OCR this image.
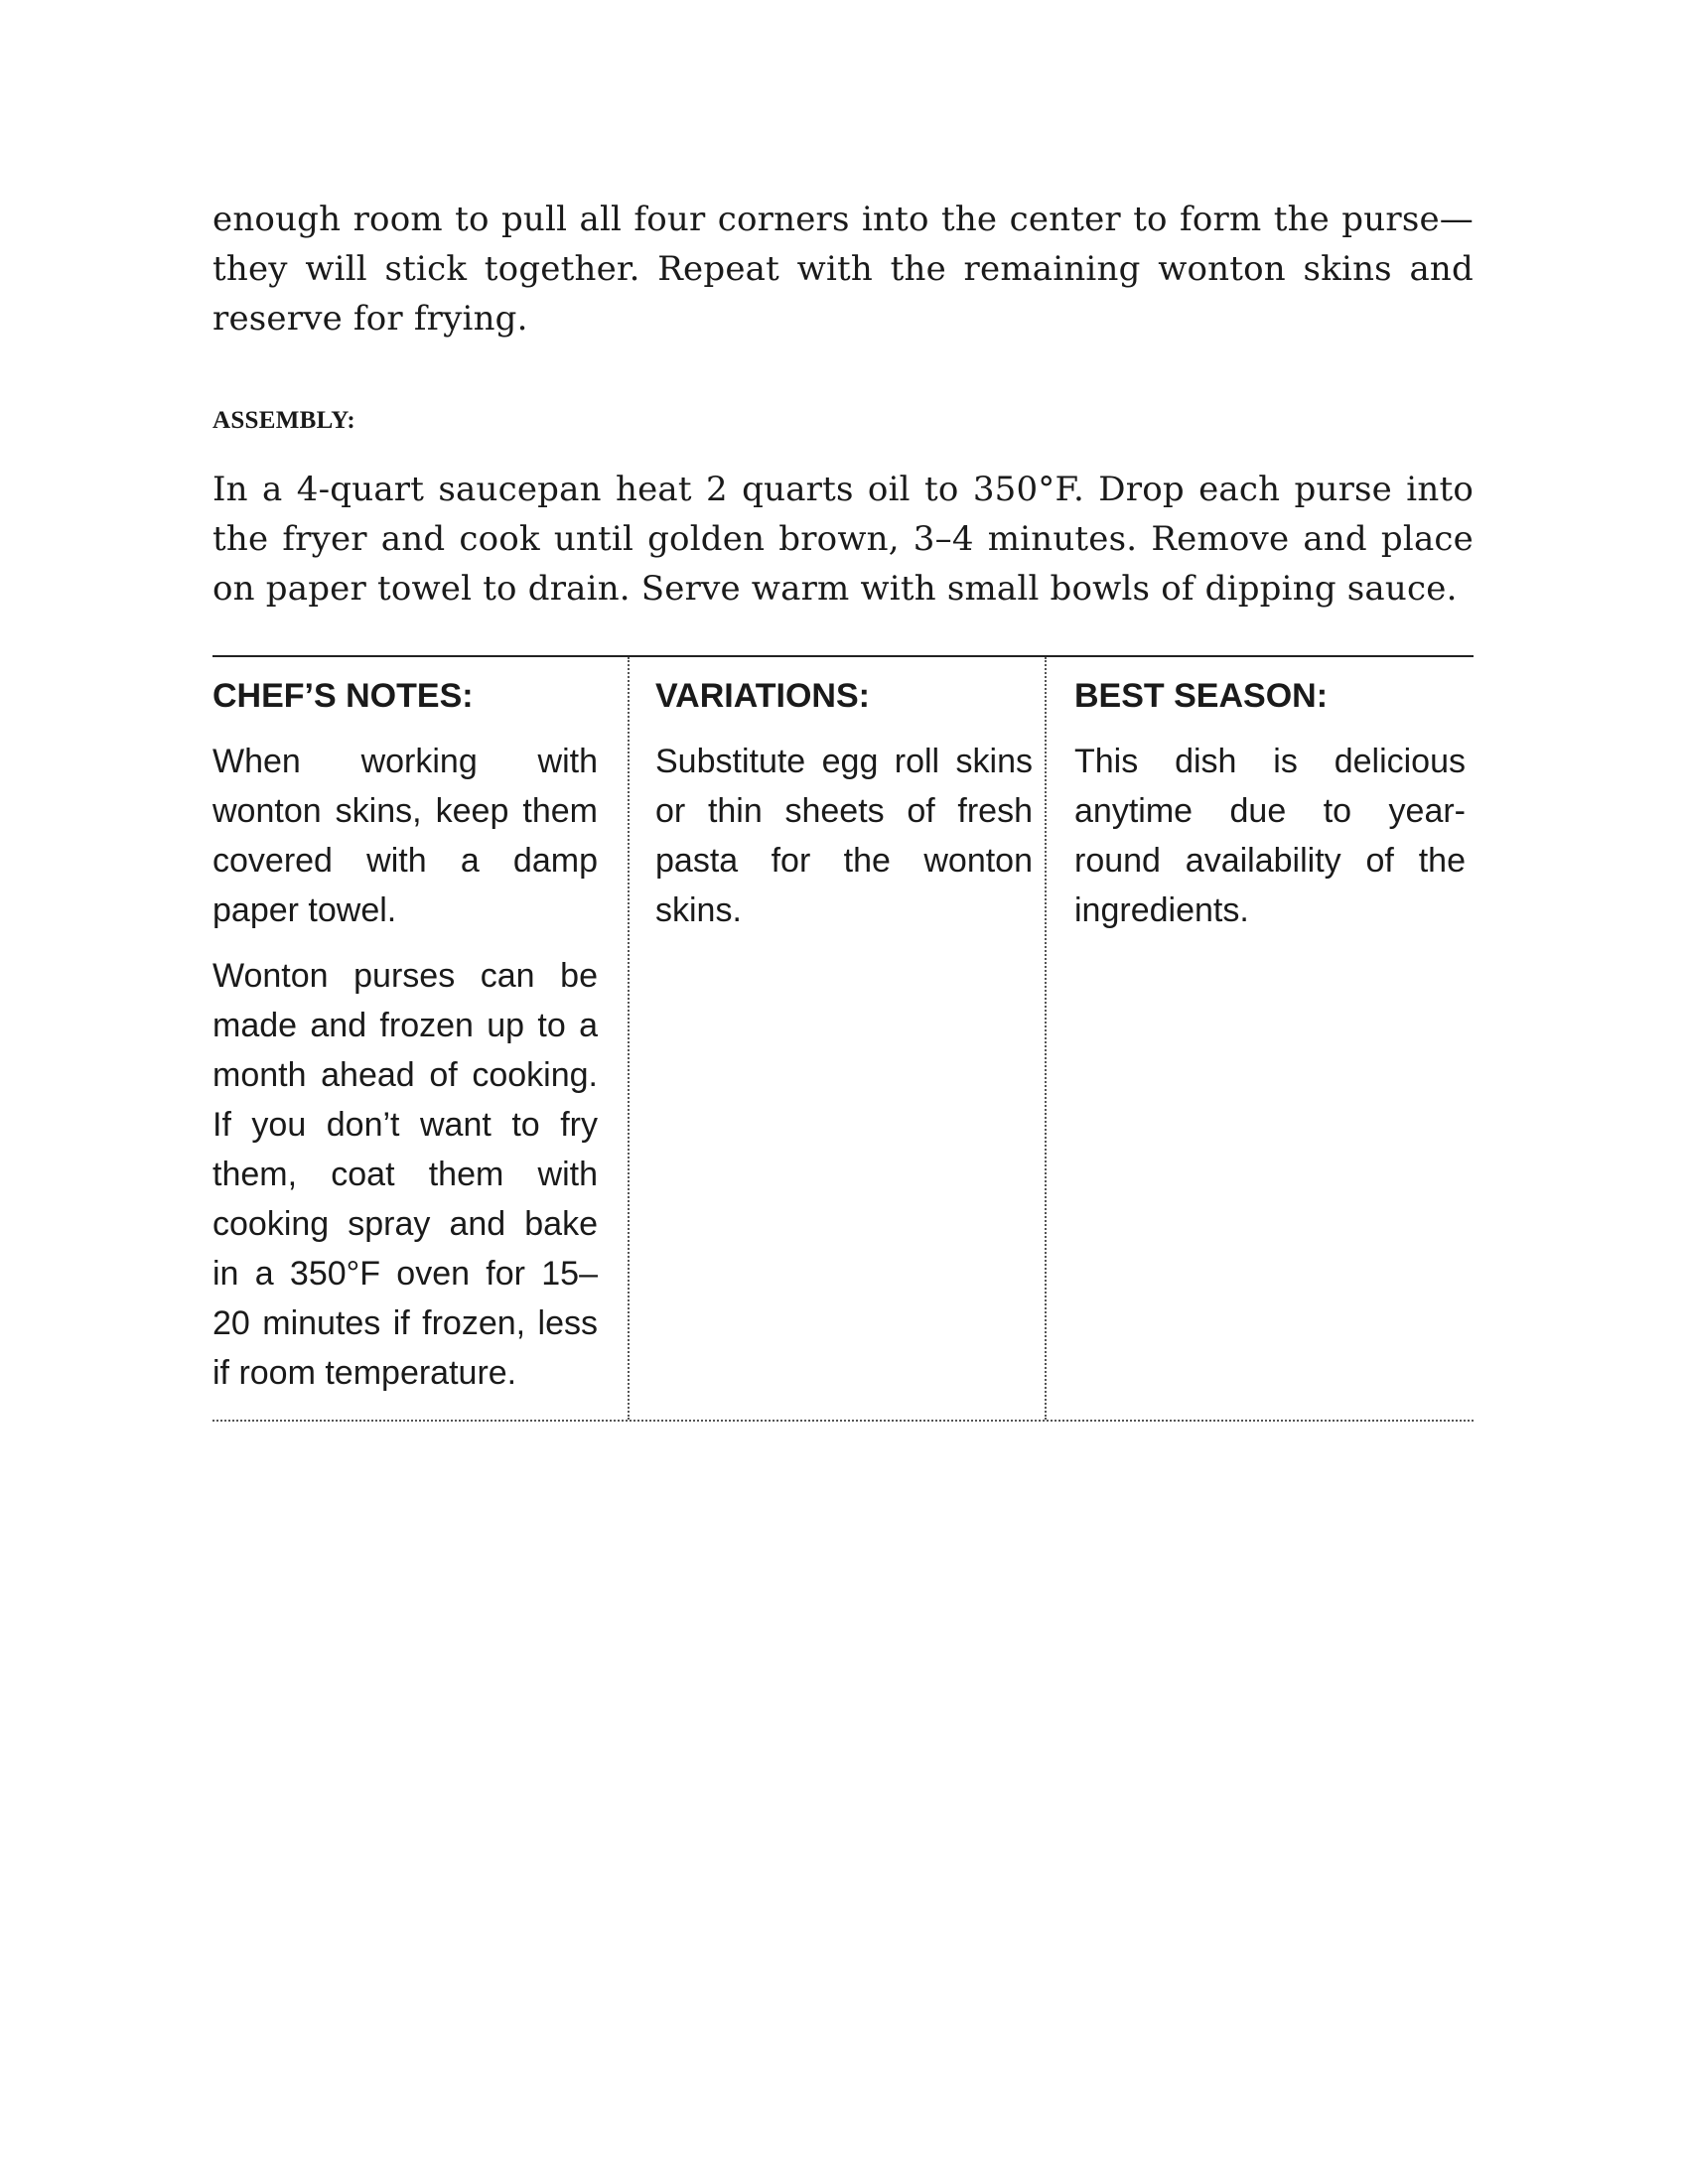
enough room to pull all four corners into the center to form the purse—they will stick together. Repeat with the remaining wonton skins and reserve for frying.

ASSEMBLY:

In a 4-quart saucepan heat 2 quarts oil to 350°F. Drop each purse into the fryer and cook until golden brown, 3–4 minutes. Remove and place on paper towel to drain. Serve warm with small bowls of dipping sauce.

CHEF’S NOTES:

When working with wonton skins, keep them covered with a damp paper towel.

Wonton purses can be made and frozen up to a month ahead of cooking. If you don’t want to fry them, coat them with cooking spray and bake in a 350°F oven for 15–20 minutes if frozen, less if room temperature.

VARIATIONS:

Substitute egg roll skins or thin sheets of fresh pasta for the wonton skins.

BEST SEASON:

This dish is delicious anytime due to year-round availability of the ingredients.
